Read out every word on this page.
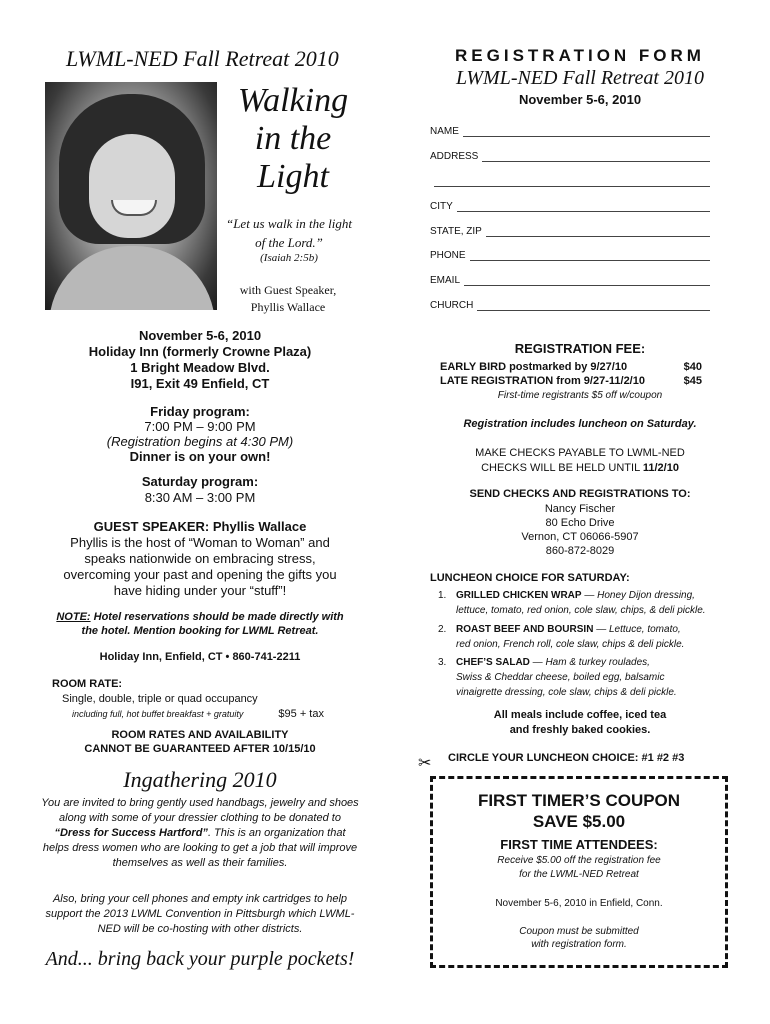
LWML-NED Fall Retreat 2010
Walking
in the
Light
“Let us walk in the light of the Lord.”
(Isaiah 2:5b)
with Guest Speaker, Phyllis Wallace
November 5-6, 2010
Holiday Inn (formerly Crowne Plaza)
1 Bright Meadow Blvd.
I91, Exit 49 Enfield, CT
Friday program:
7:00 PM – 9:00 PM
(Registration begins at 4:30 PM)
Dinner is on your own!
Saturday program:
8:30 AM – 3:00 PM
GUEST SPEAKER: Phyllis Wallace
Phyllis is the host of “Woman to Woman” and speaks nationwide on embracing stress, overcoming your past and opening the gifts you have hiding under your “stuff”!
NOTE: Hotel reservations should be made directly with the hotel. Mention booking for LWML Retreat.
Holiday Inn, Enfield, CT • 860-741-2211
ROOM RATE:
Single, double, triple or quad occupancy
including full, hot buffet breakfast + gratuity	$95 + tax
ROOM RATES AND AVAILABILITY
CANNOT BE GUARANTEED AFTER 10/15/10
Ingathering 2010
You are invited to bring gently used handbags, jewelry and shoes along with some of your dressier clothing to be donated to “Dress for Success Hartford”. This is an organization that helps dress women who are looking to get a job that will improve themselves as well as their families.
Also, bring your cell phones and empty ink cartridges to help support the 2013 LWML Convention in Pittsburgh which LWML-NED will be co-hosting with other districts.
And... bring back your purple pockets!
REGISTRATION FORM
LWML-NED Fall Retreat 2010
November 5-6, 2010
NAME
ADDRESS
CITY
STATE, ZIP
PHONE
EMAIL
CHURCH
REGISTRATION FEE:
EARLY BIRD postmarked by 9/27/10	$40
LATE REGISTRATION from 9/27-11/2/10	$45
First-time registrants $5 off w/coupon
Registration includes luncheon on Saturday.
MAKE CHECKS PAYABLE TO LWML-NED
CHECKS WILL BE HELD UNTIL 11/2/10
SEND CHECKS AND REGISTRATIONS TO:
Nancy Fischer
80 Echo Drive
Vernon, CT 06066-5907
860-872-8029
LUNCHEON CHOICE FOR SATURDAY:
1. GRILLED CHICKEN WRAP — Honey Dijon dressing,
lettuce, tomato, red onion, cole slaw, chips, & deli pickle.
2. ROAST BEEF AND BOURSIN — Lettuce, tomato,
red onion, French roll, cole slaw, chips & deli pickle.
3. CHEF’S SALAD — Ham & turkey roulades,
Swiss & Cheddar cheese, boiled egg, balsamic
vinaigrette dressing, cole slaw, chips & deli pickle.
All meals include coffee, iced tea
and freshly baked cookies.
✂ CIRCLE YOUR LUNCHEON CHOICE: #1 #2 #3
FIRST TIMER’S COUPON
SAVE $5.00
FIRST TIME ATTENDEES:
Receive $5.00 off the registration fee
for the LWML-NED Retreat
November 5-6, 2010 in Enfield, Conn.
Coupon must be submitted
with registration form.
